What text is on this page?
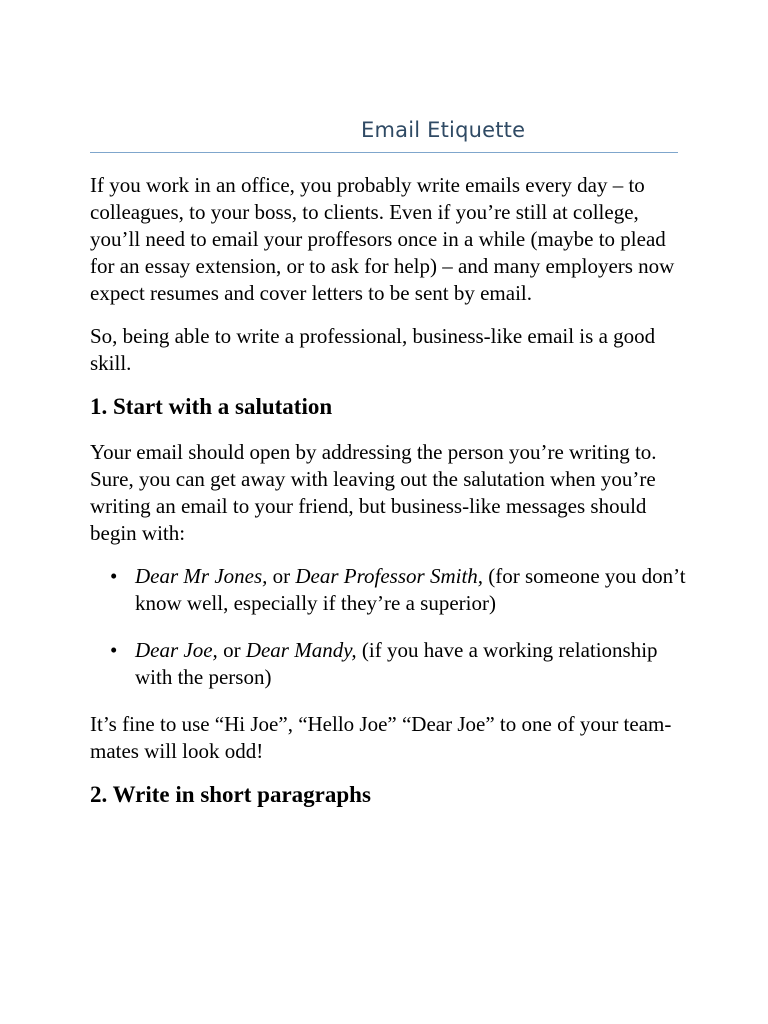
Email Etiquette

If you work in an office, you probably write emails every day – to colleagues, to your boss, to clients. Even if you’re still at college, you’ll need to email your proffesors once in a while (maybe to plead for an essay extension, or to ask for help) – and many employers now expect resumes and cover letters to be sent by email.

So, being able to write a professional, business-like email is a good skill.

1. Start with a salutation

Your email should open by addressing the person you’re writing to. Sure, you can get away with leaving out the salutation when you’re writing an email to your friend, but business-like messages should begin with:

• Dear Mr Jones, or Dear Professor Smith, (for someone you don’t know well, especially if they’re a superior)
• Dear Joe, or Dear Mandy, (if you have a working relationship with the person)

It’s fine to use “Hi Joe”, “Hello Joe” “Dear Joe” to one of your team-mates will look odd!

2. Write in short paragraphs
